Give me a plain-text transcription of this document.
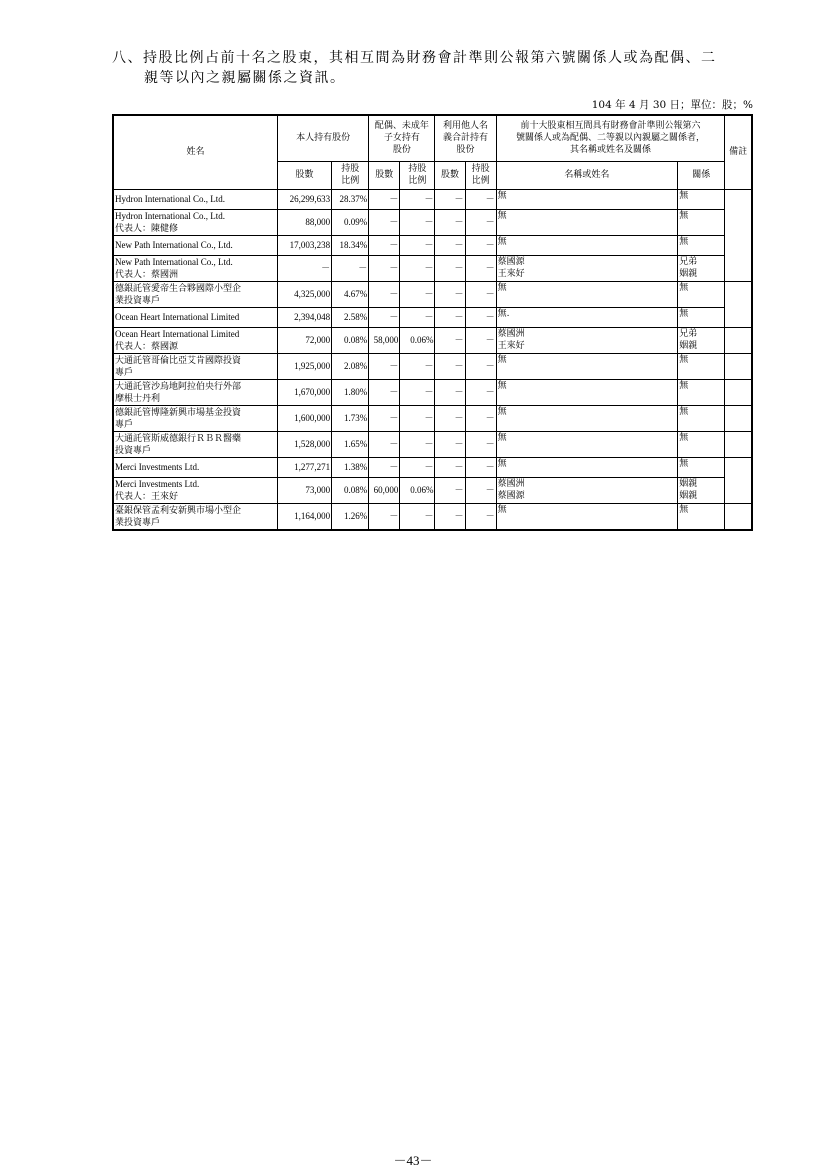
八、持股比例占前十名之股東，其相互間為財務會計準則公報第六號關係人或為配偶、二
親等以內之親屬關係之資訊。
104 年 4 月 30 日；單位：股；%
姓名	本人持有股份		配偶、未成年
子女持有
股份		利用他人名
義合計持有
股份		前十大股東相互間具有財務會計準則公報第六
號關係人或為配偶、二等親以內親屬之關係者，
其名稱或姓名及關係		備註
	股數	持股
比例	股數	持股
比例	股數	持股
比例	名稱或姓名	關係	

Hydron International Co., Ltd.	26,299,633	28.37%	－	－	－	－	無	無	

Hydron International Co., Ltd.
代表人：陳健修	88,000	0.09%	－	－	－	－	無	無	

New Path International Co., Ltd.	17,003,238	18.34%	－	－	－	－	無	無	

New Path International Co., Ltd.
代表人：蔡國洲	－	－	－	－	－	－	蔡國源
王來好	兄弟
姻親	

德銀託管愛帝生合夥國際小型企
業投資專戶	4,325,000	4.67%	－	－	－	－	無	無	

Ocean Heart International Limited	2,394,048	2.58%	－	－	－	－	無.	無	

Ocean Heart International Limited
代表人：蔡國源	72,000	0.08%	58,000	0.06%	－	－	蔡國洲
王來好	兄弟
姻親	

大通託管哥倫比亞艾肯國際投資
專戶	1,925,000	2.08%	－	－	－	－	無	無	

大通託管沙烏地阿拉伯央行外部
摩根士丹利	1,670,000	1.80%	－	－	－	－	無	無	

德銀託管博隆新興市場基金投資
專戶	1,600,000	1.73%	－	－	－	－	無	無	

大通託管斯威德銀行ＲＢＲ醫藥
投資專戶	1,528,000	1.65%	－	－	－	－	無	無	

Merci Investments Ltd.	1,277,271	1.38%	－	－	－	－	無	無	

Merci Investments Ltd.
代表人：王來好	73,000	0.08%	60,000	0.06%	－	－	蔡國洲
蔡國源	姻親
姻親	

臺銀保管孟利安新興市場小型企
業投資專戶	1,164,000	1.26%	－	－	－	－	無	無	

－43－
